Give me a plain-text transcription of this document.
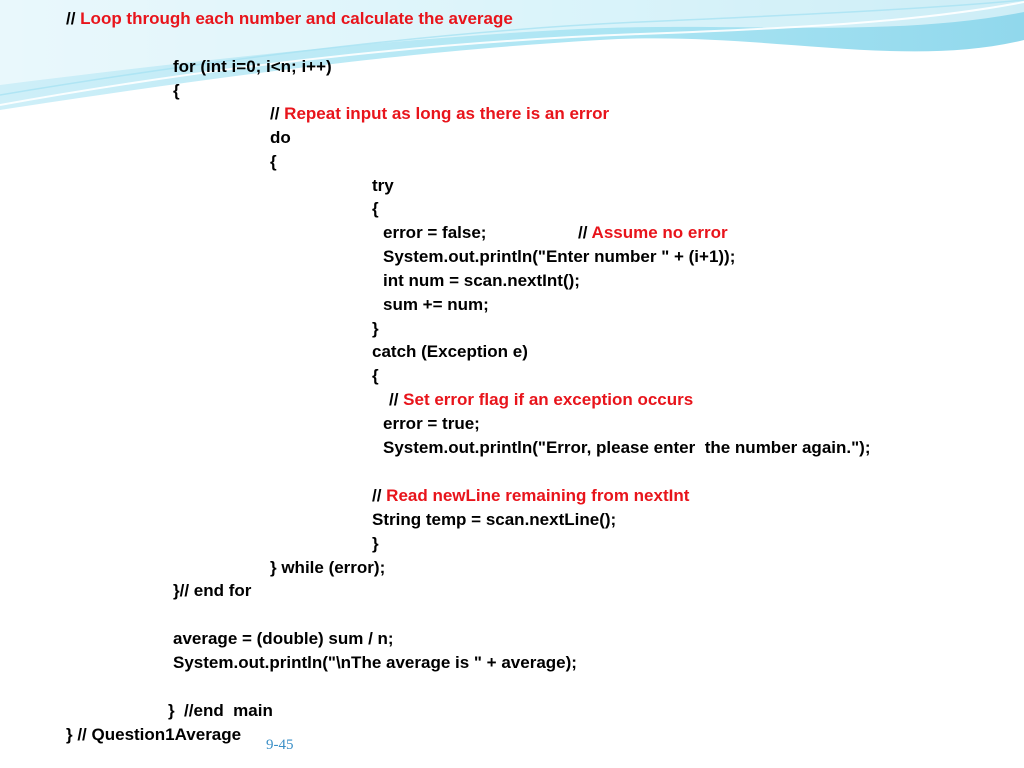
// Loop through each number and calculate the average
for (int i=0; i<n; i++)
{
// Repeat input as long as there is an error
do
{
try
{
error = false;	// Assume no error
System.out.println("Enter number " + (i+1));
int num = scan.nextInt();
sum += num;
}
catch (Exception e)
{
// Set error flag if an exception occurs
error = true;
System.out.println("Error, please enter  the number again.");
// Read newLine remaining from nextInt
String temp = scan.nextLine();
}
} while (error);
}// end for
average = (double) sum / n;
System.out.println("\nThe average is " + average);
}  //end  main
} // Question1Average
9-45
